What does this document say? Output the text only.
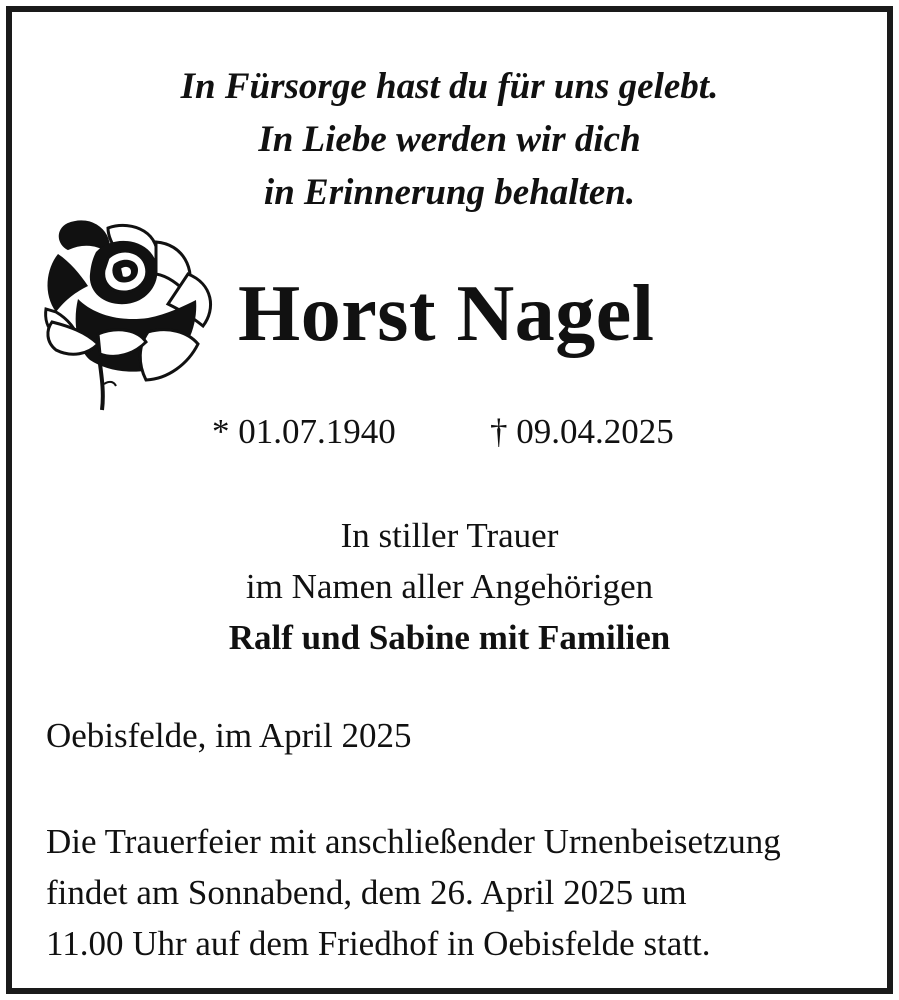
In Fürsorge hast du für uns gelebt.
In Liebe werden wir dich
in Erinnerung behalten.
Horst Nagel
* 01.07.1940	† 09.04.2025
In stiller Trauer
im Namen aller Angehörigen
Ralf und Sabine mit Familien
Oebisfelde, im April 2025
Die Trauerfeier mit anschließender Urnenbeisetzung
findet am Sonnabend, dem 26. April 2025 um
11.00 Uhr auf dem Friedhof in Oebisfelde statt.
